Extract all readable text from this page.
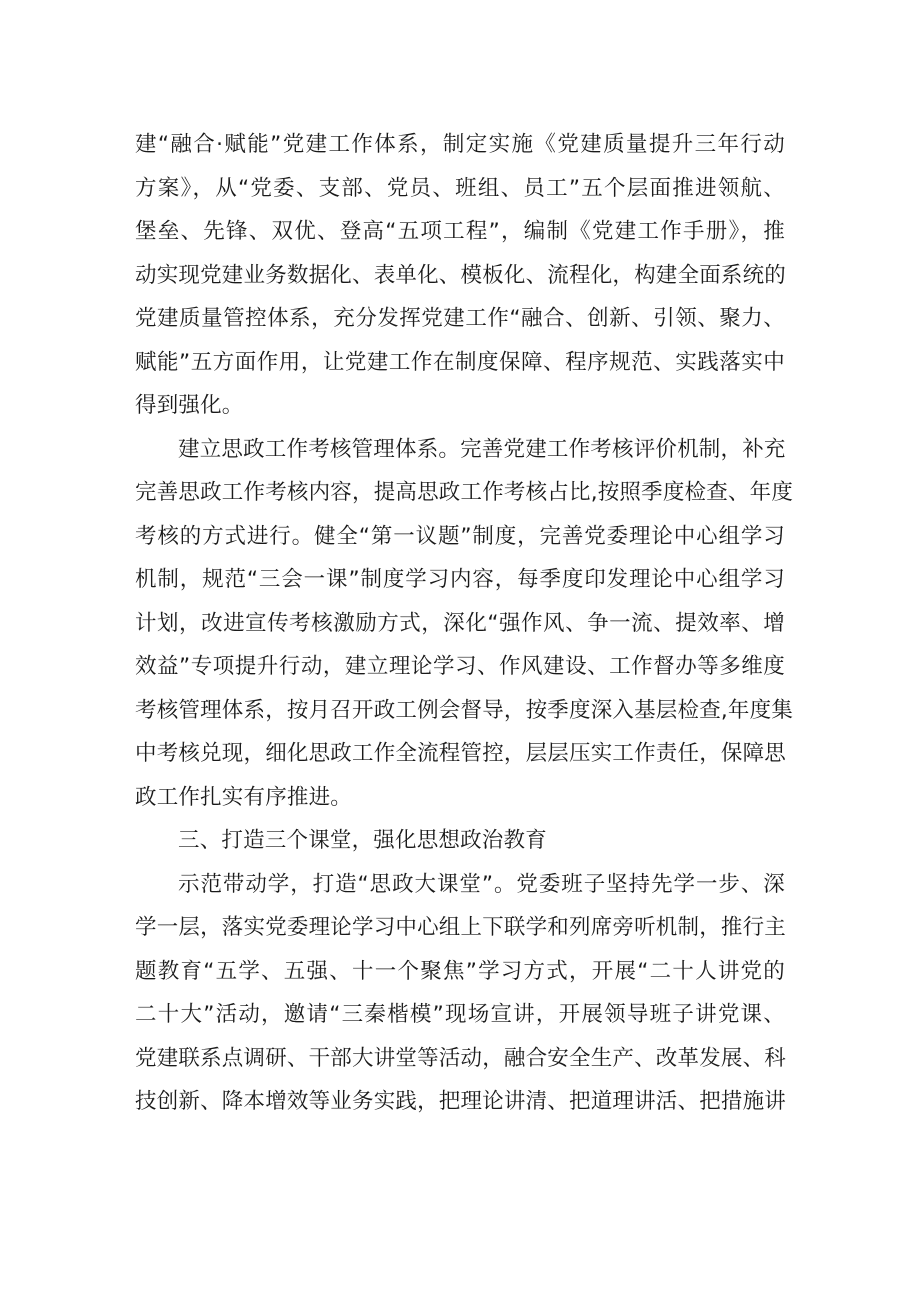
建“融合·赋能”党建工作体系，制定实施《党建质量提升三年行动
方案》，从“党委、支部、党员、班组、员工”五个层面推进领航、
堡垒、先锋、双优、登高“五项工程”，编制《党建工作手册》，推
动实现党建业务数据化、表单化、模板化、流程化，构建全面系统的
党建质量管控体系，充分发挥党建工作“融合、创新、引领、聚力、
赋能”五方面作用，让党建工作在制度保障、程序规范、实践落实中
得到强化。
建立思政工作考核管理体系。完善党建工作考核评价机制，补充
完善思政工作考核内容，提高思政工作考核占比,按照季度检查、年度
考核的方式进行。健全“第一议题”制度，完善党委理论中心组学习
机制，规范“三会一课”制度学习内容，每季度印发理论中心组学习
计划，改进宣传考核激励方式，深化“强作风、争一流、提效率、增
效益”专项提升行动，建立理论学习、作风建设、工作督办等多维度
考核管理体系，按月召开政工例会督导，按季度深入基层检查,年度集
中考核兑现，细化思政工作全流程管控，层层压实工作责任，保障思
政工作扎实有序推进。
三、打造三个课堂，强化思想政治教育
示范带动学，打造“思政大课堂”。党委班子坚持先学一步、深
学一层，落实党委理论学习中心组上下联学和列席旁听机制，推行主
题教育“五学、五强、十一个聚焦”学习方式，开展“二十人讲党的
二十大”活动，邀请“三秦楷模”现场宣讲，开展领导班子讲党课、
党建联系点调研、干部大讲堂等活动，融合安全生产、改革发展、科
技创新、降本增效等业务实践，把理论讲清、把道理讲活、把措施讲
